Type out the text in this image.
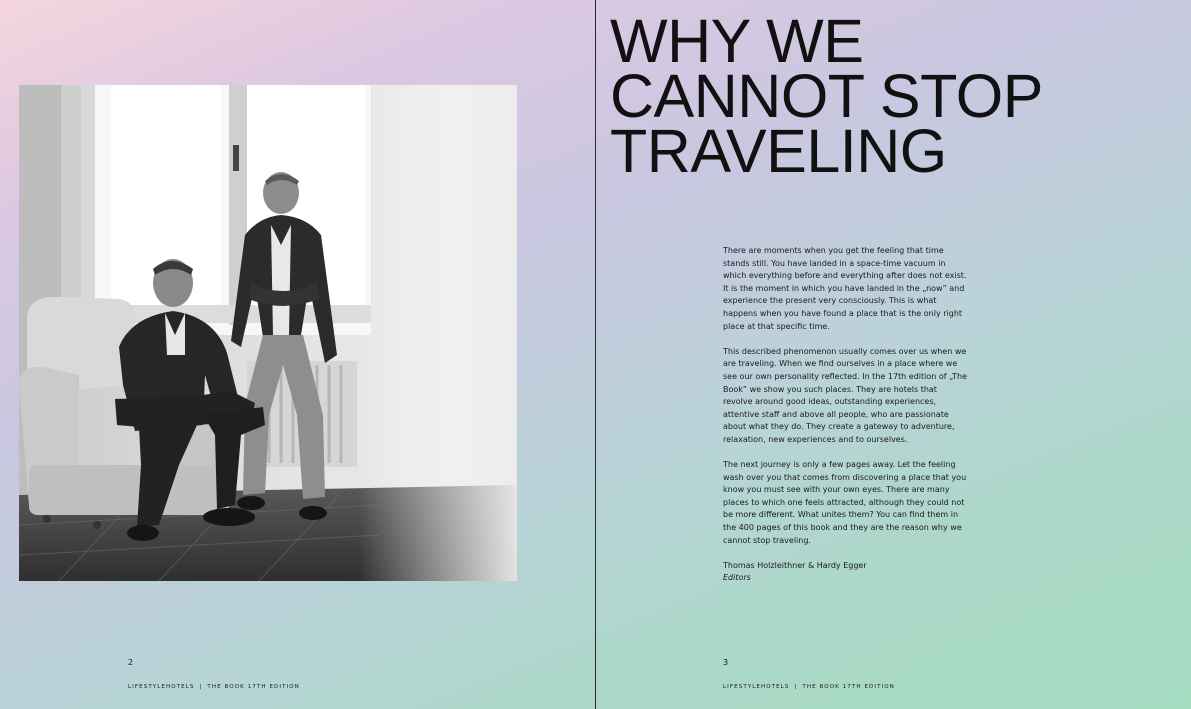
2
LIFESTYLEHOTELS | THE BOOK 17TH EDITION
WHY WE
CANNOT STOP
TRAVELING

There are moments when you get the feeling that time stands still. You have landed in a space-time vacuum in which everything before and everything after does not exist. It is the moment in which you have landed in the „now” and experience the present very consciously. This is what happens when you have found a place that is the only right place at that specific time.

This described phenomenon usually comes over us when we are traveling. When we find ourselves in a place where we see our own personality reflected. In the 17th edition of „The Book” we show you such places. They are hotels that revolve around good ideas, outstanding experiences, attentive staff and above all people, who are passionate about what they do. They create a gateway to adventure, relaxation, new experiences and to ourselves.

The next journey is only a few pages away. Let the feeling wash over you that comes from discovering a place that you know you must see with your own eyes. There are many places to which one feels attracted, although they could not be more different. What unites them? You can find them in the 400 pages of this book and they are the reason why we cannot stop traveling.

Thomas Holzleithner & Hardy Egger
Editors
3
LIFESTYLEHOTELS | THE BOOK 17TH EDITION
